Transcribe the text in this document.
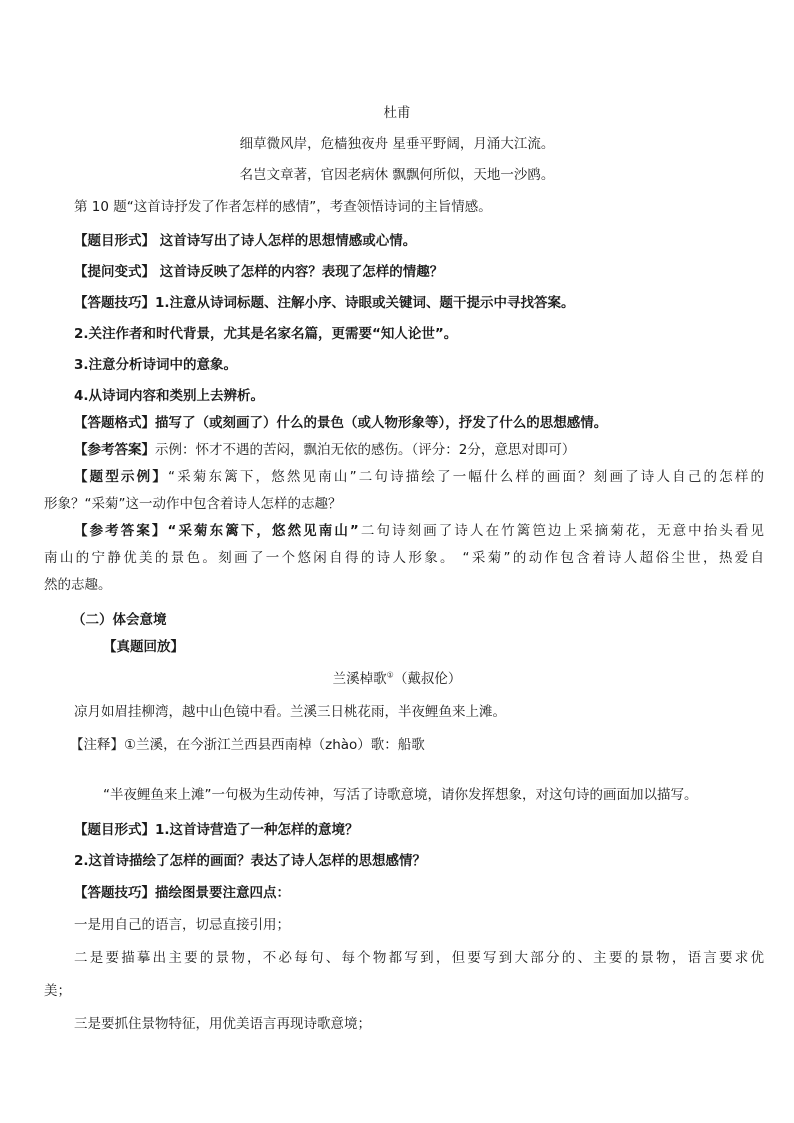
杜甫
细草微风岸，危樯独夜舟 星垂平野阔，月涌大江流。
名岂文章著，官因老病休 飘飘何所似，天地一沙鸥。
第 10 题“这首诗抒发了作者怎样的感情”，考查领悟诗词的主旨情感。
【题目形式】 这首诗写出了诗人怎样的思想情感或心情。
【提问变式】 这首诗反映了怎样的内容？表现了怎样的情趣？
【答题技巧】1.注意从诗词标题、注解小序、诗眼或关键词、题干提示中寻找答案。
2.关注作者和时代背景，尤其是名家名篇，更需要“知人论世”。
3.注意分析诗词中的意象。
4.从诗词内容和类别上去辨析。
【答题格式】描写了（或刻画了）什么的景色（或人物形象等），抒发了什么的思想感情。
【参考答案】示例：怀才不遇的苦闷，飘泊无依的感伤。（评分：2分，意思对即可）
【题型示例】“采菊东篱下，悠然见南山”二句诗描绘了一幅什么样的画面？刻画了诗人自己的怎样的
形象？“采菊”这一动作中包含着诗人怎样的志趣？
【参考答案】“采菊东篱下，悠然见南山”二句诗刻画了诗人在竹篱笆边上采摘菊花，无意中抬头看见
南山的宁静优美的景色。刻画了一个悠闲自得的诗人形象。 “采菊”的动作包含着诗人超俗尘世，热爱自
然的志趣。
（二）体会意境
【真题回放】
兰溪棹歌①（戴叔伦）
凉月如眉挂柳湾，越中山色镜中看。兰溪三日桃花雨，半夜鲤鱼来上滩。
【注释】①兰溪，在今浙江兰西县西南棹（zhào）歌：船歌
“半夜鲤鱼来上滩”一句极为生动传神，写活了诗歌意境，请你发挥想象，对这句诗的画面加以描写。
【题目形式】1.这首诗营造了一种怎样的意境？
2.这首诗描绘了怎样的画面？表达了诗人怎样的思想感情？
【答题技巧】描绘图景要注意四点：
一是用自己的语言，切忌直接引用；
二是要描摹出主要的景物，不必每句、每个物都写到，但要写到大部分的、主要的景物，语言要求优
美；
三是要抓住景物特征，用优美语言再现诗歌意境；
